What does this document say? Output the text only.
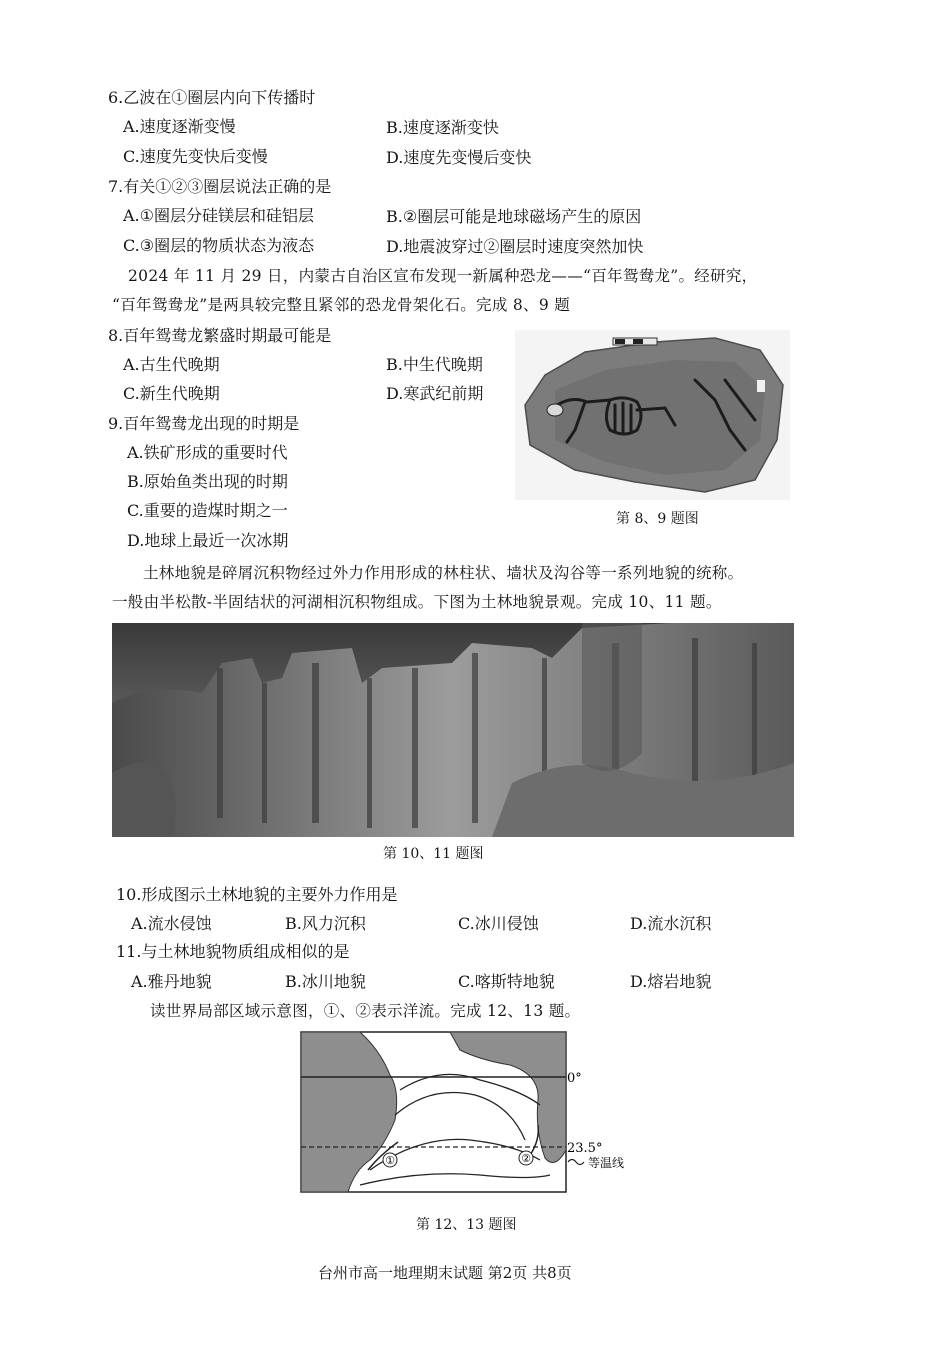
6.乙波在①圈层内向下传播时
A.速度逐渐变慢	B.速度逐渐变快
C.速度先变快后变慢	D.速度先变慢后变快
7.有关①②③圈层说法正确的是
A.①圈层分硅镁层和硅铝层	B.②圈层可能是地球磁场产生的原因
C.③圈层的物质状态为液态	D.地震波穿过②圈层时速度突然加快
2024 年 11 月 29 日，内蒙古自治区宣布发现一新属种恐龙——“百年鸳鸯龙”。经研究，
“百年鸳鸯龙”是两具较完整且紧邻的恐龙骨架化石。完成 8、9 题
8.百年鸳鸯龙繁盛时期最可能是
A.古生代晚期	B.中生代晚期
C.新生代晚期	D.寒武纪前期
9.百年鸳鸯龙出现的时期是
A.铁矿形成的重要时代
B.原始鱼类出现的时期
C.重要的造煤时期之一
D.地球上最近一次冰期
第 8、9 题图
土林地貌是碎屑沉积物经过外力作用形成的林柱状、墙状及沟谷等一系列地貌的统称。
一般由半松散-半固结状的河湖相沉积物组成。下图为土林地貌景观。完成 10、11 题。
第 10、11 题图
10.形成图示土林地貌的主要外力作用是
A.流水侵蚀	B.风力沉积	C.冰川侵蚀	D.流水沉积
11.与土林地貌物质组成相似的是
A.雅丹地貌	B.冰川地貌	C.喀斯特地貌	D.熔岩地貌
读世界局部区域示意图，①、②表示洋流。完成 12、13 题。
①	②
0°
23.5°
等温线
第 12、13 题图
台州市高一地理期末试题 第2页 共8页
